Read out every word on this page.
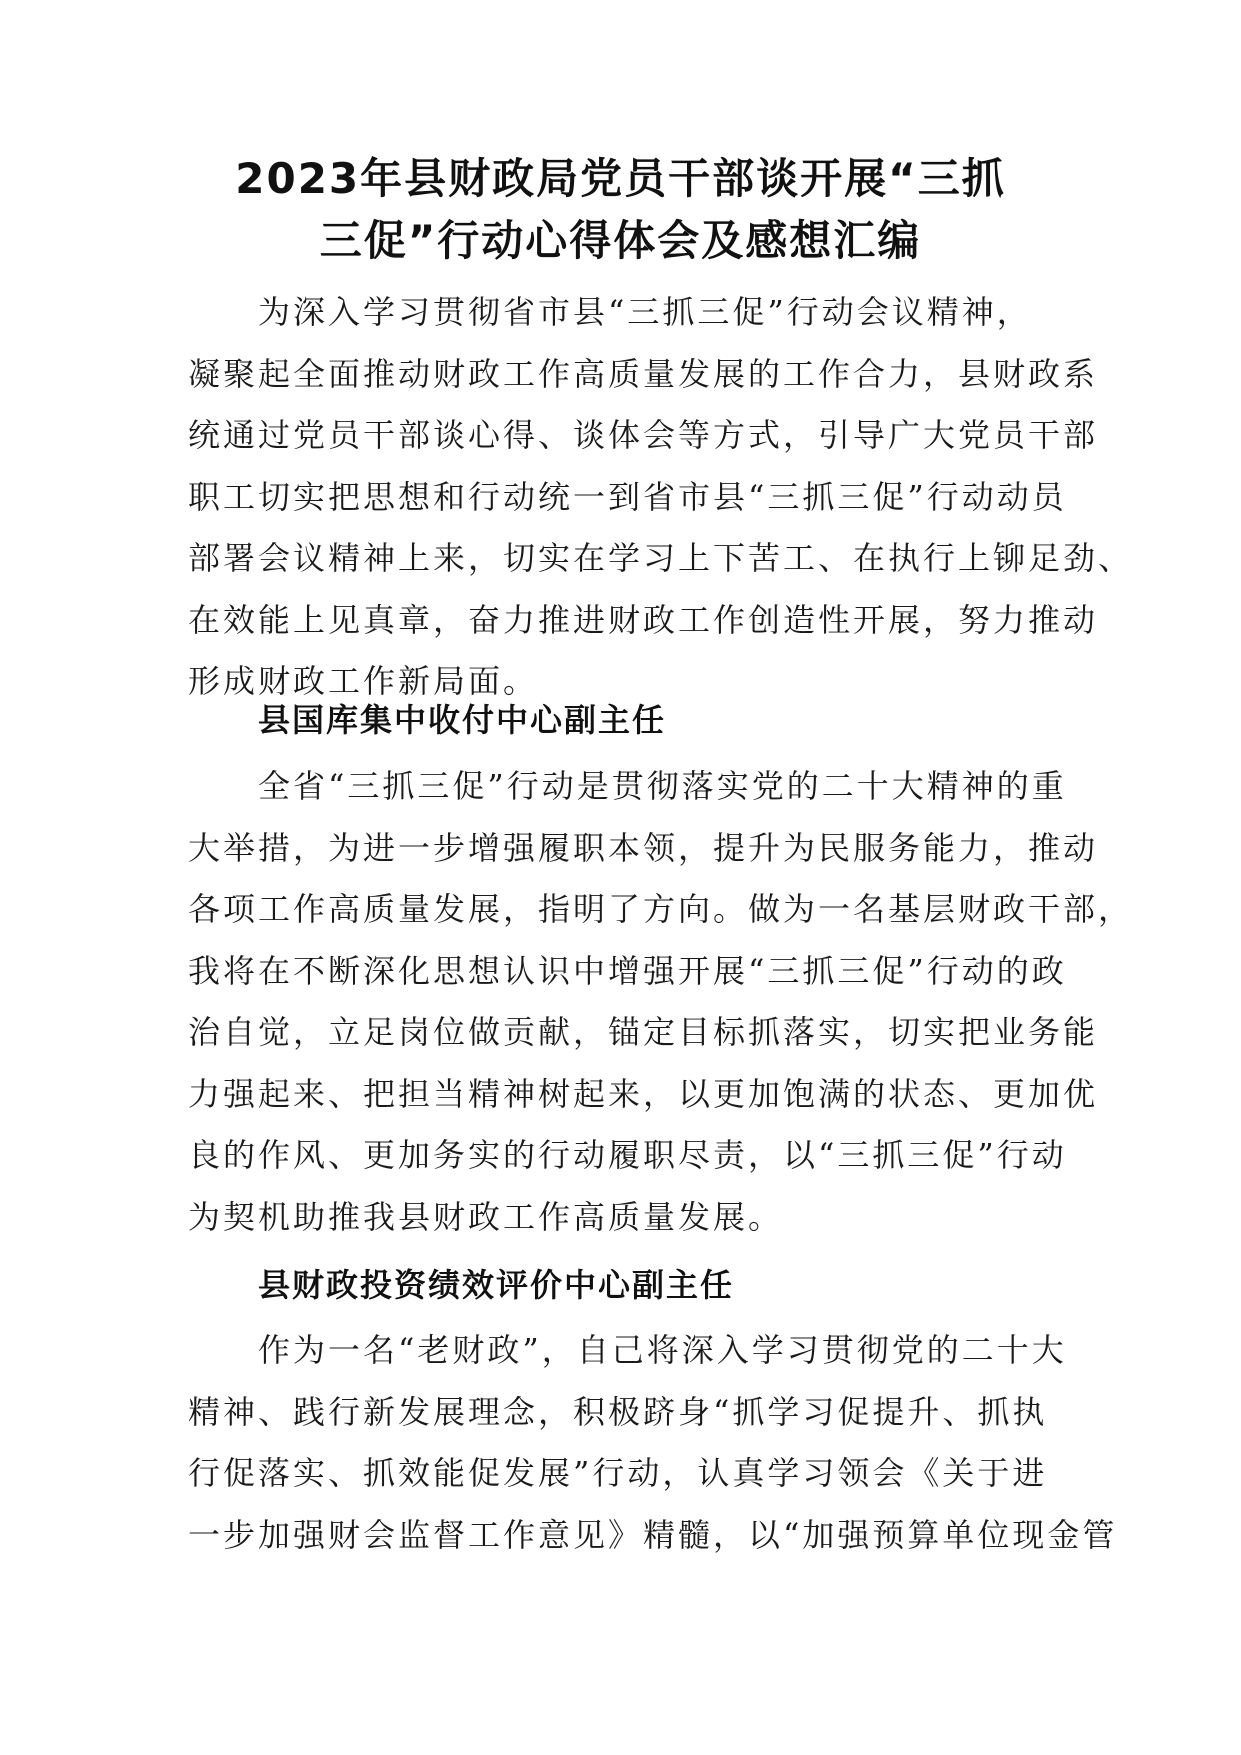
2023年县财政局党员干部谈开展“三抓
三促”行动心得体会及感想汇编
为深入学习贯彻省市县“三抓三促”行动会议精神，
凝聚起全面推动财政工作高质量发展的工作合力，县财政系
统通过党员干部谈心得、谈体会等方式，引导广大党员干部
职工切实把思想和行动统一到省市县“三抓三促”行动动员
部署会议精神上来，切实在学习上下苦工、在执行上铆足劲、
在效能上见真章，奋力推进财政工作创造性开展，努力推动
形成财政工作新局面。
县国库集中收付中心副主任
全省“三抓三促”行动是贯彻落实党的二十大精神的重
大举措，为进一步增强履职本领，提升为民服务能力，推动
各项工作高质量发展，指明了方向。做为一名基层财政干部，
我将在不断深化思想认识中增强开展“三抓三促”行动的政
治自觉，立足岗位做贡献，锚定目标抓落实，切实把业务能
力强起来、把担当精神树起来，以更加饱满的状态、更加优
良的作风、更加务实的行动履职尽责，以“三抓三促”行动
为契机助推我县财政工作高质量发展。
县财政投资绩效评价中心副主任
作为一名“老财政”，自己将深入学习贯彻党的二十大
精神、践行新发展理念，积极跻身“抓学习促提升、抓执
行促落实、抓效能促发展”行动，认真学习领会《关于进
一步加强财会监督工作意见》精髓，以“加强预算单位现金管
